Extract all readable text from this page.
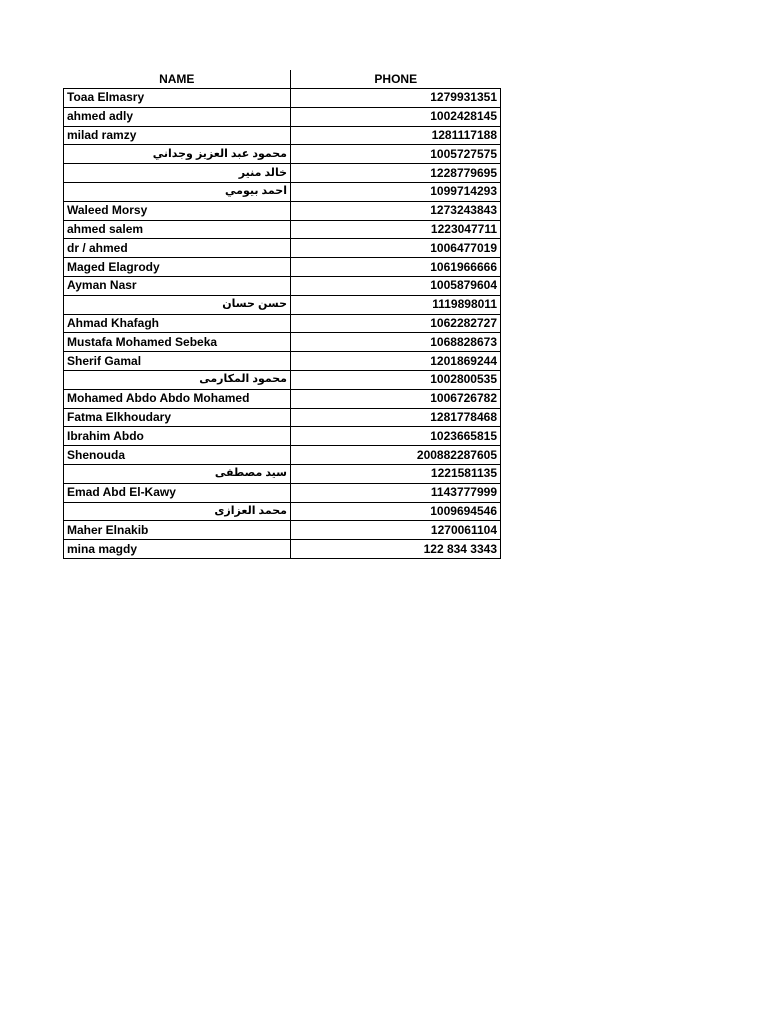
NAME	PHONE
Toaa Elmasry	1279931351
ahmed adly	1002428145
milad ramzy	1281117188
محمود عبد العزيز وجداني	1005727575
خالد منير	1228779695
احمد بيومي	1099714293
Waleed Morsy	1273243843
ahmed salem	1223047711
dr / ahmed	1006477019
Maged Elagrody	1061966666
Ayman Nasr	1005879604
حسن حسان	1119898011
Ahmad Khafagh	1062282727
Mustafa Mohamed Sebeka	1068828673
Sherif Gamal	1201869244
محمود المكارمى	1002800535
Mohamed Abdo Abdo Mohamed	1006726782
Fatma Elkhoudary	1281778468
Ibrahim Abdo	1023665815
Shenouda	200882287605
سيد مصطفى	1221581135
Emad Abd El-Kawy	1143777999
محمد العزازى	1009694546
Maher Elnakib	1270061104
mina magdy	122 834 3343
